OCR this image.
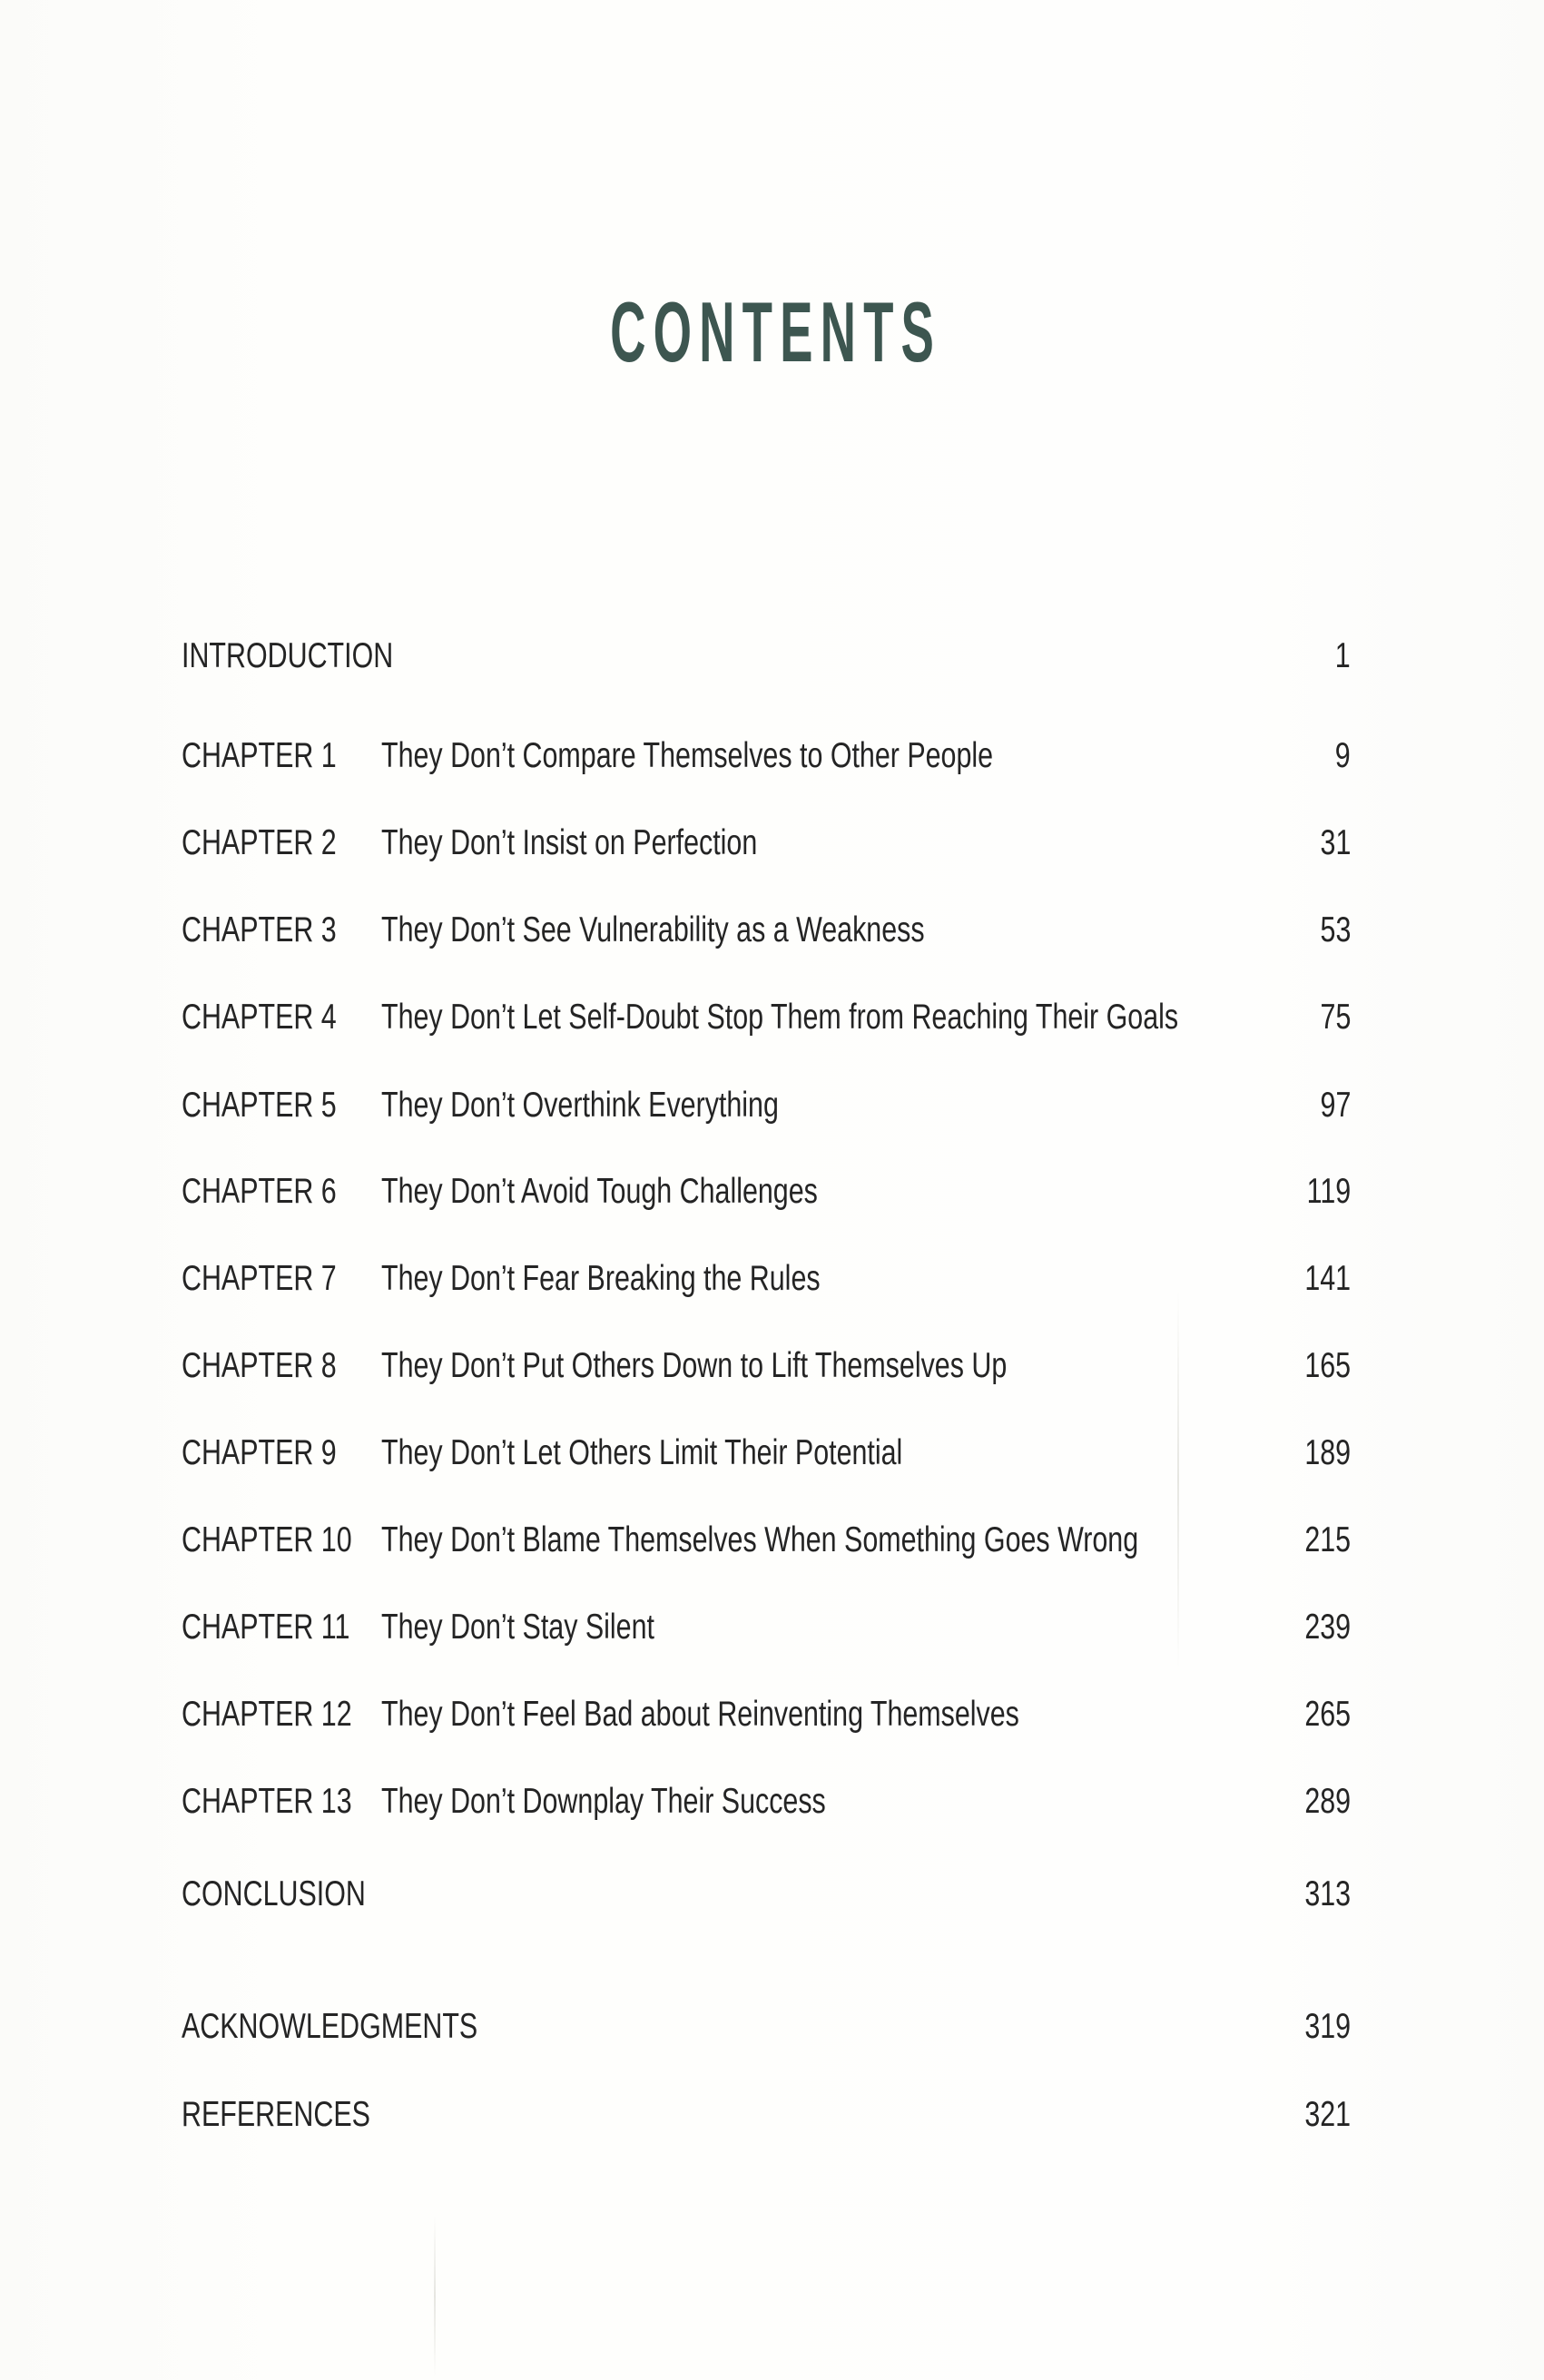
CONTENTS
INTRODUCTION	1
CHAPTER 1 They Don’t Compare Themselves to Other People	9
CHAPTER 2 They Don’t Insist on Perfection	31
CHAPTER 3 They Don’t See Vulnerability as a Weakness	53
CHAPTER 4 They Don’t Let Self-Doubt Stop Them from Reaching Their Goals	75
CHAPTER 5 They Don’t Overthink Everything	97
CHAPTER 6 They Don’t Avoid Tough Challenges	119
CHAPTER 7 They Don’t Fear Breaking the Rules	141
CHAPTER 8 They Don’t Put Others Down to Lift Themselves Up	165
CHAPTER 9 They Don’t Let Others Limit Their Potential	189
CHAPTER 10 They Don’t Blame Themselves When Something Goes Wrong	215
CHAPTER 11 They Don’t Stay Silent	239
CHAPTER 12 They Don’t Feel Bad about Reinventing Themselves	265
CHAPTER 13 They Don’t Downplay Their Success	289
CONCLUSION	313
ACKNOWLEDGMENTS	319
REFERENCES	321
